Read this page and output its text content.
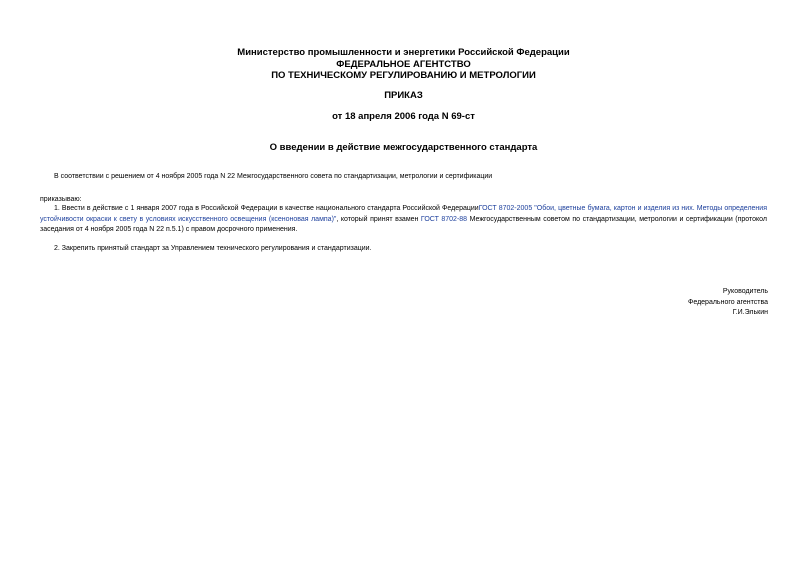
Министерство промышленности и энергетики Российской Федерации
ФЕДЕРАЛЬНОЕ АГЕНТСТВО
ПО ТЕХНИЧЕСКОМУ РЕГУЛИРОВАНИЮ И МЕТРОЛОГИИ
ПРИКАЗ
от 18 апреля 2006 года N 69-ст
О введении в действие межгосударственного стандарта
В соответствии с решением от 4 ноября 2005 года N 22 Межгосударственного совета по стандартизации, метрологии и сертификации
приказываю:
1. Ввести в действие с 1 января 2007 года в Российской Федерации в качестве национального стандарта Российской ФедерацииГОСТ 8702-2005 "Обои, цветные бумага, картон и изделия из них. Методы определения устойчивости окраски к свету в условиях искусственного освещения (ксеноновая лампа)", который принят взамен ГОСТ 8702-88 Межгосударственным советом по стандартизации, метрологии и сертификации (протокол заседания от 4 ноября 2005 года N 22 п.5.1) с правом досрочного применения.
2. Закрепить принятый стандарт за Управлением технического регулирования и стандартизации.
Руководитель
Федерального агентства
Г.И.Элькин
